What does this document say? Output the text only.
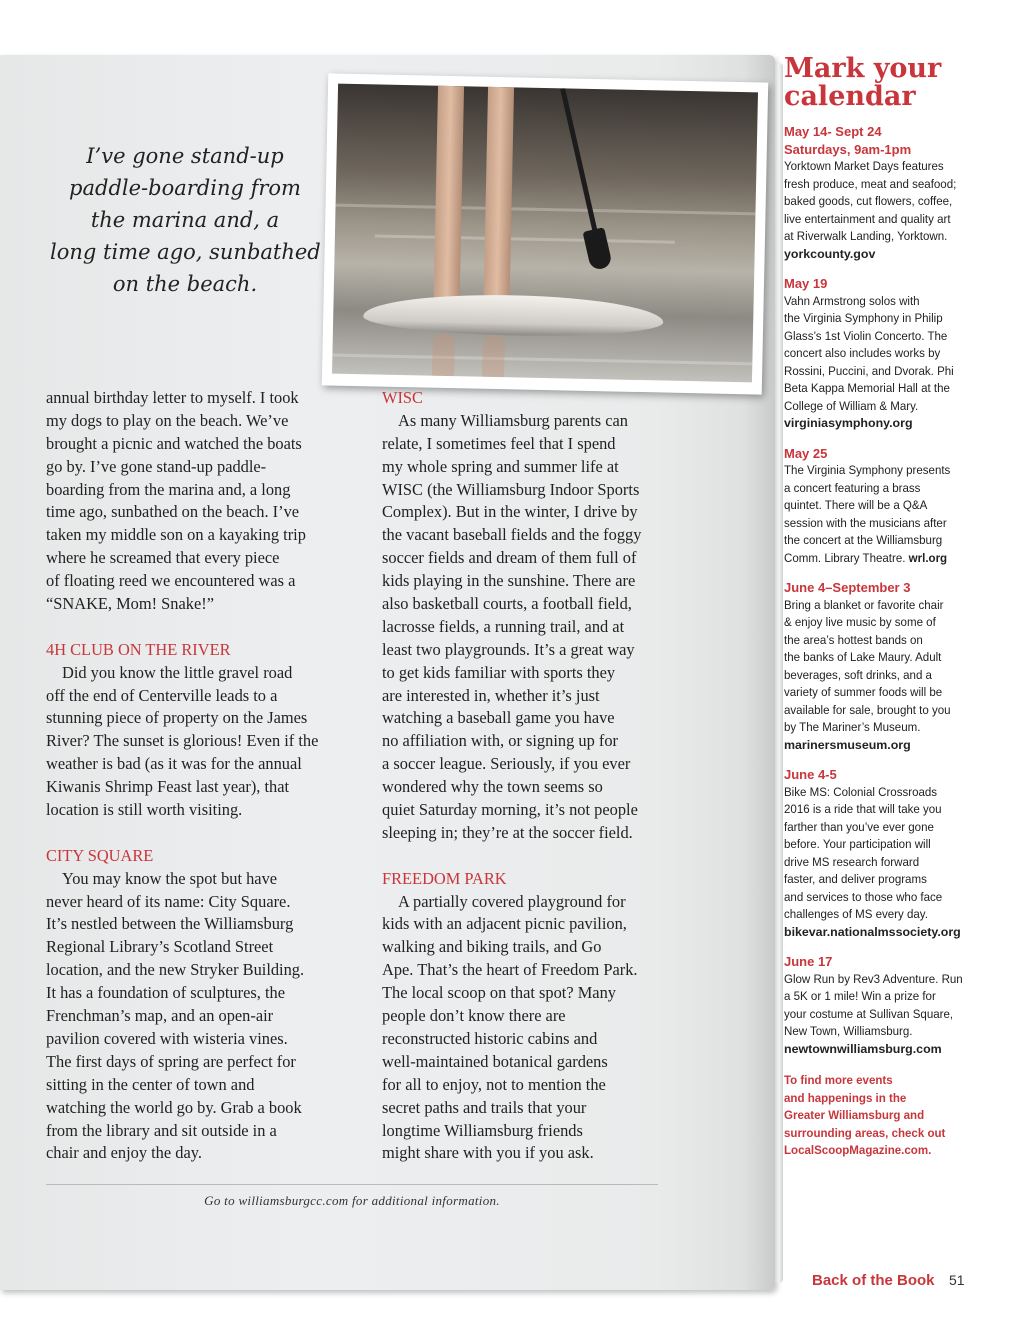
I’ve gone stand-up
paddle-boarding from
the marina and, a
long time ago, sunbathed
on the beach.
annual birthday letter to myself. I took
my dogs to play on the beach. We’ve
brought a picnic and watched the boats
go by. I’ve gone stand-up paddle-
boarding from the marina and, a long
time ago, sunbathed on the beach. I’ve
taken my middle son on a kayaking trip
where he screamed that every piece
of floating reed we encountered was a
“SNAKE, Mom! Snake!”
4H CLUB ON THE RIVER
Did you know the little gravel road
off the end of Centerville leads to a
stunning piece of property on the James
River? The sunset is glorious! Even if the
weather is bad (as it was for the annual
Kiwanis Shrimp Feast last year), that
location is still worth visiting.
CITY SQUARE
You may know the spot but have
never heard of its name: City Square.
It’s nestled between the Williamsburg
Regional Library’s Scotland Street
location, and the new Stryker Building.
It has a foundation of sculptures, the
Frenchman’s map, and an open-air
pavilion covered with wisteria vines.
The first days of spring are perfect for
sitting in the center of town and
watching the world go by. Grab a book
from the library and sit outside in a
chair and enjoy the day.
WISC
As many Williamsburg parents can
relate, I sometimes feel that I spend
my whole spring and summer life at
WISC (the Williamsburg Indoor Sports
Complex). But in the winter, I drive by
the vacant baseball fields and the foggy
soccer fields and dream of them full of
kids playing in the sunshine. There are
also basketball courts, a football field,
lacrosse fields, a running trail, and at
least two playgrounds. It’s a great way
to get kids familiar with sports they
are interested in, whether it’s just
watching a baseball game you have
no affiliation with, or signing up for
a soccer league. Seriously, if you ever
wondered why the town seems so
quiet Saturday morning, it’s not people
sleeping in; they’re at the soccer field.
FREEDOM PARK
A partially covered playground for
kids with an adjacent picnic pavilion,
walking and biking trails, and Go
Ape. That’s the heart of Freedom Park.
The local scoop on that spot? Many
people don’t know there are
reconstructed historic cabins and
well-maintained botanical gardens
for all to enjoy, not to mention the
secret paths and trails that your
longtime Williamsburg friends
might share with you if you ask.
Go to williamsburgcc.com for additional information.
Mark your
calendar
May 14- Sept 24
Saturdays, 9am-1pm
Yorktown Market Days features
fresh produce, meat and seafood;
baked goods, cut flowers, coffee,
live entertainment and quality art
at Riverwalk Landing, Yorktown.
yorkcounty.gov
May 19
Vahn Armstrong solos with
the Virginia Symphony in Philip
Glass’s 1st Violin Concerto. The
concert also includes works by
Rossini, Puccini, and Dvorak. Phi
Beta Kappa Memorial Hall at the
College of William & Mary.
virginiasymphony.org
May 25
The Virginia Symphony presents
a concert featuring a brass
quintet. There will be a Q&A
session with the musicians after
the concert at the Williamsburg
Comm. Library Theatre. wrl.org
June 4–September 3
Bring a blanket or favorite chair
& enjoy live music by some of
the area’s hottest bands on
the banks of Lake Maury. Adult
beverages, soft drinks, and a
variety of summer foods will be
available for sale, brought to you
by The Mariner’s Museum.
marinersmuseum.org
June 4-5
Bike MS: Colonial Crossroads
2016 is a ride that will take you
farther than you’ve ever gone
before. Your participation will
drive MS research forward
faster, and deliver programs
and services to those who face
challenges of MS every day.
bikevar.nationalmssociety.org
June 17
Glow Run by Rev3 Adventure. Run
a 5K or 1 mile! Win a prize for
your costume at Sullivan Square,
New Town, Williamsburg.
newtownwilliamsburg.com
To find more events
and happenings in the
Greater Williamsburg and
surrounding areas, check out
LocalScoopMagazine.com.
Back of the Book 51
